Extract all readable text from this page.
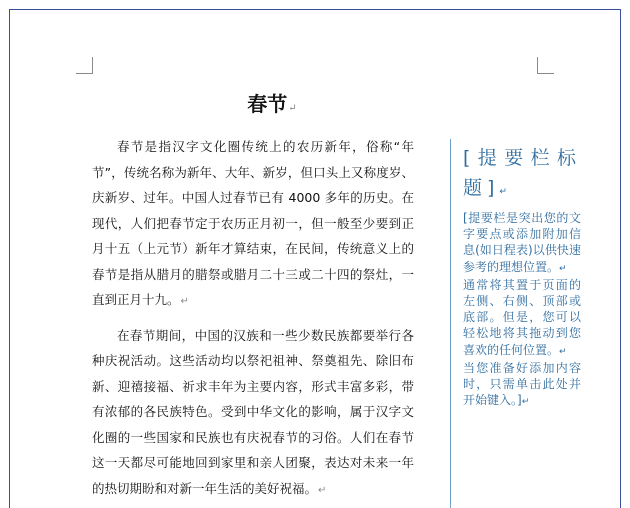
春节↵

春节是指汉字文化圈传统上的农历新年，俗称“年节”，传统名称为新年、大年、新岁，但口头上又称度岁、庆新岁、过年。中国人过春节已有 4000 多年的历史。在现代，人们把春节定于农历正月初一，但一般至少要到正月十五（上元节）新年才算结束，在民间，传统意义上的春节是指从腊月的腊祭或腊月二十三或二十四的祭灶，一直到正月十九。↵

在春节期间，中国的汉族和一些少数民族都要举行各种庆祝活动。这些活动均以祭祀祖神、祭奠祖先、除旧布新、迎禧接福、祈求丰年为主要内容，形式丰富多彩，带有浓郁的各民族特色。受到中华文化的影响，属于汉字文化圈的一些国家和民族也有庆祝春节的习俗。人们在春节这一天都尽可能地回到家里和亲人团聚，表达对未来一年的热切期盼和对新一年生活的美好祝福。↵

[提要栏标题]↵
[提要栏是突出您的文字要点或添加附加信息(如日程表)以供快速参考的理想位置。↵
通常将其置于页面的左侧、右侧、顶部或底部。但是，您可以轻松地将其拖动到您喜欢的任何位置。↵
当您准备好添加内容时，只需单击此处并开始键入。]↵
